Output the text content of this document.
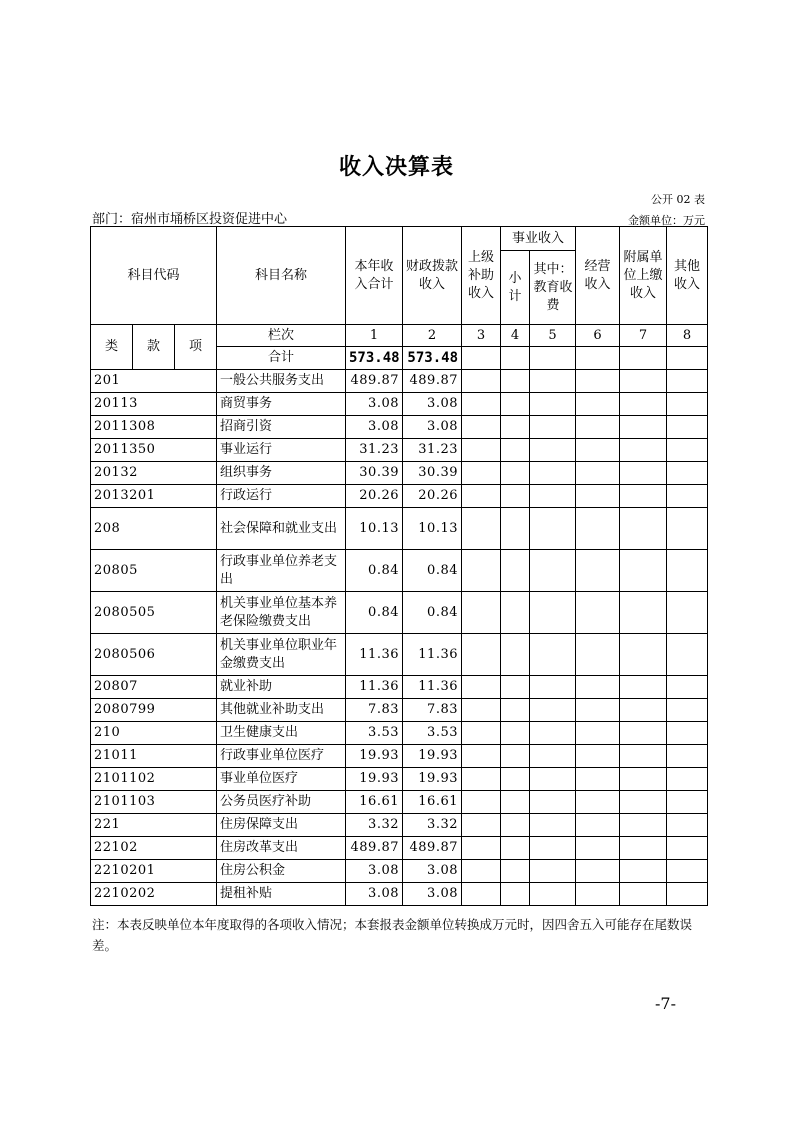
收入决算表
公开 02 表
部门：宿州市埇桥区投资促进中心	金额单位：万元
科目代码			科目名称	本年收入合计	财政拨款收入	上级补助收入	事业收入		经营收入	附属单位上缴收入	其他收入
							小计	其中：教育收费			

类	款	项	栏次	1	2	3	4	5	6	7	8
			合计	573.48	573.48						
201			一般公共服务支出	489.87	489.87						
20113			商贸事务	3.08	3.08						
2011308			招商引资	3.08	3.08						
2011350			事业运行	31.23	31.23						
20132			组织事务	30.39	30.39						
2013201			行政运行	20.26	20.26						
208			社会保障和就业支出	10.13	10.13						
20805			行政事业单位养老支出	0.84	0.84						
2080505			机关事业单位基本养老保险缴费支出	0.84	0.84						
2080506			机关事业单位职业年金缴费支出	11.36	11.36						
20807			就业补助	11.36	11.36						
2080799			其他就业补助支出	7.83	7.83						
210			卫生健康支出	3.53	3.53						
21011			行政事业单位医疗	19.93	19.93						
2101102			事业单位医疗	19.93	19.93						
2101103			公务员医疗补助	16.61	16.61						
221			住房保障支出	3.32	3.32						
22102			住房改革支出	489.87	489.87						
2210201			住房公积金	3.08	3.08						
2210202			提租补贴	3.08	3.08						
注：本表反映单位本年度取得的各项收入情况；本套报表金额单位转换成万元时，因四舍五入可能存在尾数误差。
-7-
